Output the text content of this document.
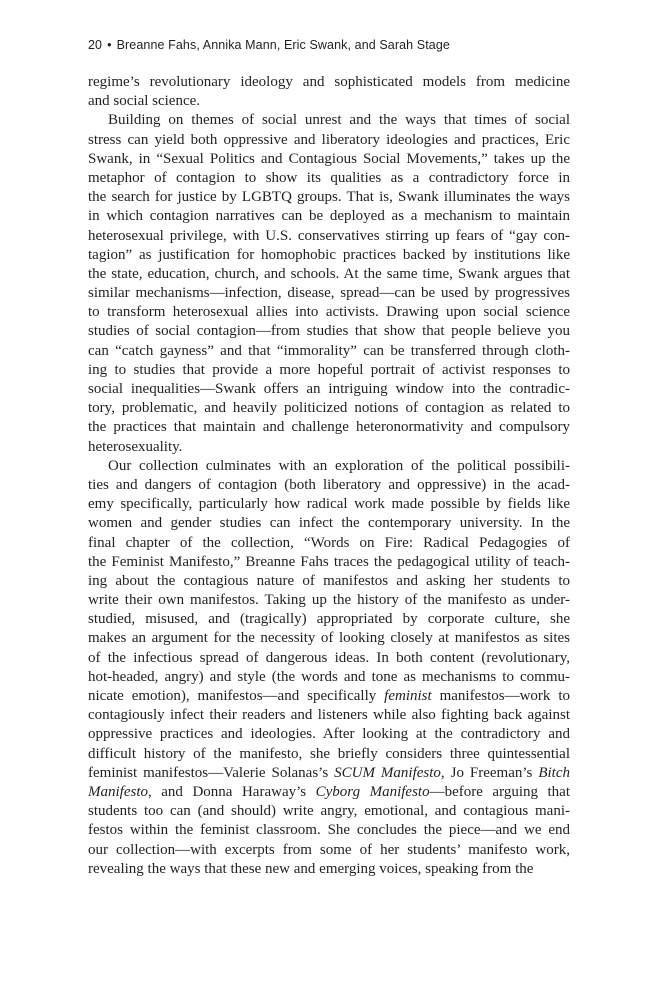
20 • Breanne Fahs, Annika Mann, Eric Swank, and Sarah Stage
regime’s revolutionary ideology and sophisticated models from medicine
and social science.
Building on themes of social unrest and the ways that times of social
stress can yield both oppressive and liberatory ideologies and practices, Eric
Swank, in “Sexual Politics and Contagious Social Movements,” takes up the
metaphor of contagion to show its qualities as a contradictory force in
the search for justice by LGBTQ groups. That is, Swank illuminates the ways
in which contagion narratives can be deployed as a mechanism to maintain
heterosexual privilege, with U.S. conservatives stirring up fears of “gay con-
tagion” as justification for homophobic practices backed by institutions like
the state, education, church, and schools. At the same time, Swank argues that
similar mechanisms—infection, disease, spread—can be used by progressives
to transform heterosexual allies into activists. Drawing upon social science
studies of social contagion—from studies that show that people believe you
can “catch gayness” and that “immorality” can be transferred through cloth-
ing to studies that provide a more hopeful portrait of activist responses to
social inequalities—Swank offers an intriguing window into the contradic-
tory, problematic, and heavily politicized notions of contagion as related to
the practices that maintain and challenge heteronormativity and compulsory
heterosexuality.
Our collection culminates with an exploration of the political possibili-
ties and dangers of contagion (both liberatory and oppressive) in the acad-
emy specifically, particularly how radical work made possible by fields like
women and gender studies can infect the contemporary university. In the
final chapter of the collection, “Words on Fire: Radical Pedagogies of
the Feminist Manifesto,” Breanne Fahs traces the pedagogical utility of teach-
ing about the contagious nature of manifestos and asking her students to
write their own manifestos. Taking up the history of the manifesto as under-
studied, misused, and (tragically) appropriated by corporate culture, she
makes an argument for the necessity of looking closely at manifestos as sites
of the infectious spread of dangerous ideas. In both content (revolutionary,
hot-headed, angry) and style (the words and tone as mechanisms to commu-
nicate emotion), manifestos—and specifically feminist manifestos—work to
contagiously infect their readers and listeners while also fighting back against
oppressive practices and ideologies. After looking at the contradictory and
difficult history of the manifesto, she briefly considers three quintessential
feminist manifestos—Valerie Solanas’s SCUM Manifesto, Jo Freeman’s Bitch
Manifesto, and Donna Haraway’s Cyborg Manifesto—before arguing that
students too can (and should) write angry, emotional, and contagious mani-
festos within the feminist classroom. She concludes the piece—and we end
our collection—with excerpts from some of her students’ manifesto work,
revealing the ways that these new and emerging voices, speaking from the
